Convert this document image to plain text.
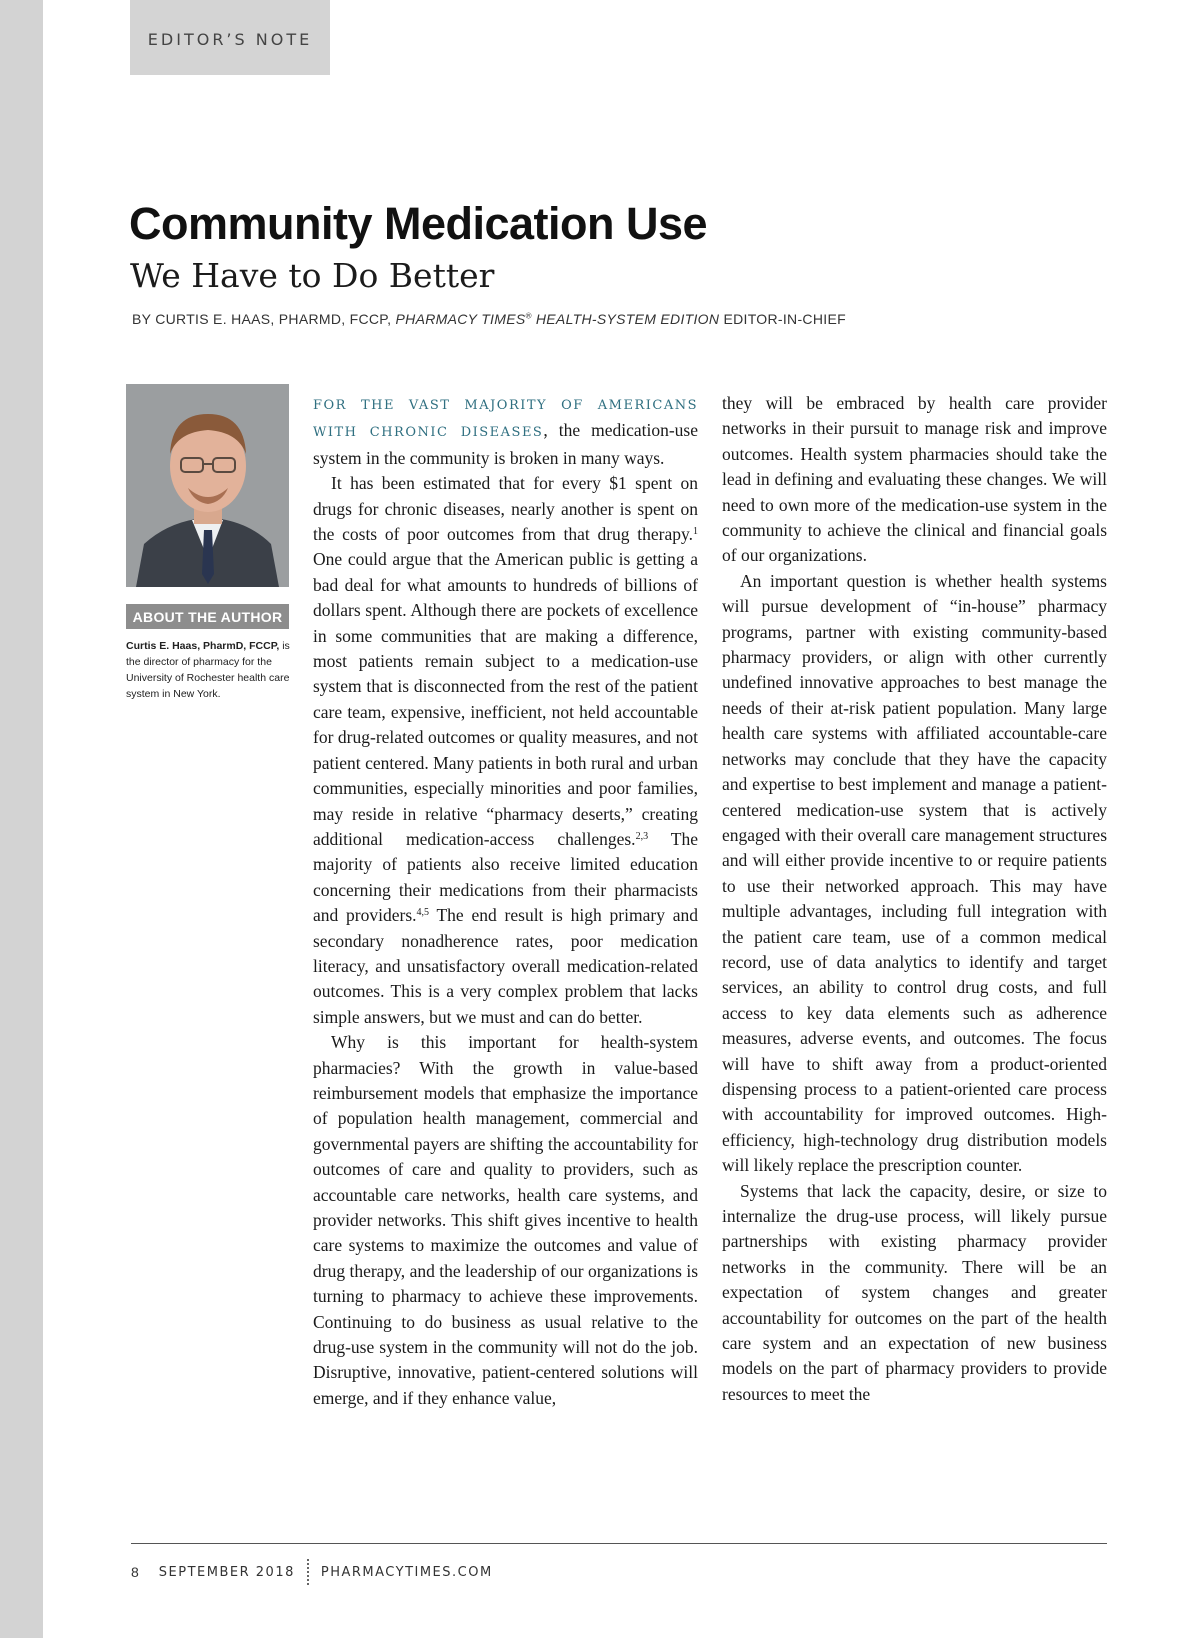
EDITOR’S NOTE
Community Medication Use
We Have to Do Better
BY CURTIS E. HAAS, PHARMD, FCCP, PHARMACY TIMES® HEALTH-SYSTEM EDITION EDITOR-IN-CHIEF
ABOUT THE AUTHOR
Curtis E. Haas, PharmD, FCCP, is the director of pharmacy for the University of Rochester health care system in New York.

FOR THE VAST MAJORITY OF AMERICANS WITH CHRONIC DISEASES, the medication-use system in the community is broken in many ways.

It has been estimated that for every $1 spent on drugs for chronic diseases, nearly another is spent on the costs of poor outcomes from that drug therapy.$^1$ One could argue that the American public is getting a bad deal for what amounts to hundreds of billions of dollars spent. Although there are pockets of excellence in some communities that are making a difference, most patients remain subject to a medication-use system that is disconnected from the rest of the patient care team, expensive, inefficient, not held accountable for drug-related outcomes or quality measures, and not patient centered. Many patients in both rural and urban communities, especially minorities and poor families, may reside in relative “pharmacy deserts,” creating additional medication-access challenges.$^{2,3}$ The majority of patients also receive limited education concerning their medications from their pharmacists and providers.$^{4,5}$ The end result is high primary and secondary nonadherence rates, poor medication literacy, and unsatisfactory overall medication-related outcomes. This is a very complex problem that lacks simple answers, but we must and can do better.

Why is this important for health-system pharmacies? With the growth in value-based reimbursement models that emphasize the importance of population health management, commercial and governmental payers are shifting the accountability for outcomes of care and quality to providers, such as accountable care networks, health care systems, and provider networks. This shift gives incentive to health care systems to maximize the outcomes and value of drug therapy, and the leadership of our organizations is turning to pharmacy to achieve these improvements. Continuing to do business as usual relative to the drug-use system in the community will not do the job. Disruptive, innovative, patient-centered solutions will emerge, and if they enhance value,

they will be embraced by health care provider networks in their pursuit to manage risk and improve outcomes. Health system pharmacies should take the lead in defining and evaluating these changes. We will need to own more of the medication-use system in the community to achieve the clinical and financial goals of our organizations.

An important question is whether health systems will pursue development of “in-house” pharmacy programs, partner with existing community-based pharmacy providers, or align with other currently undefined innovative approaches to best manage the needs of their at-risk patient population. Many large health care systems with affiliated accountable-care networks may conclude that they have the capacity and expertise to best implement and manage a patient-centered medication-use system that is actively engaged with their overall care management structures and will either provide incentive to or require patients to use their networked approach. This may have multiple advantages, including full integration with the patient care team, use of a common medical record, use of data analytics to identify and target services, an ability to control drug costs, and full access to key data elements such as adherence measures, adverse events, and outcomes. The focus will have to shift away from a product-oriented dispensing process to a patient-oriented care process with accountability for improved outcomes. High-efficiency, high-technology drug distribution models will likely replace the prescription counter.

Systems that lack the capacity, desire, or size to internalize the drug-use process, will likely pursue partnerships with existing pharmacy provider networks in the community. There will be an expectation of system changes and greater accountability for outcomes on the part of the health care system and an expectation of new business models on the part of pharmacy providers to provide resources to meet the

8 SEPTEMBER 2018 PHARMACYTIMES.COM
